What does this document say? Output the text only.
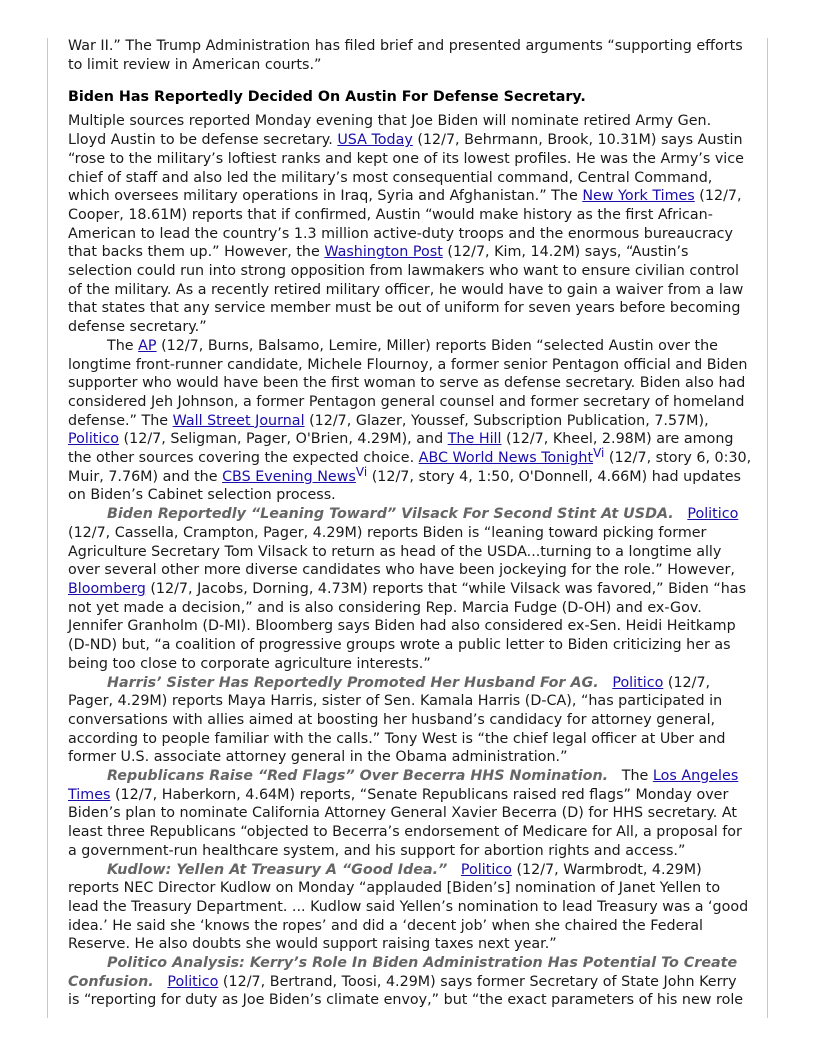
War II.” The Trump Administration has filed brief and presented arguments “supporting efforts to limit review in American courts.”

Biden Has Reportedly Decided On Austin For Defense Secretary.

Multiple sources reported Monday evening that Joe Biden will nominate retired Army Gen. Lloyd Austin to be defense secretary. USA Today (12/7, Behrmann, Brook, 10.31M) says Austin “rose to the military’s loftiest ranks and kept one of its lowest profiles. He was the Army’s vice chief of staff and also led the military’s most consequential command, Central Command, which oversees military operations in Iraq, Syria and Afghanistan.” The New York Times (12/7, Cooper, 18.61M) reports that if confirmed, Austin “would make history as the first African-American to lead the country’s 1.3 million active-duty troops and the enormous bureaucracy that backs them up.” However, the Washington Post (12/7, Kim, 14.2M) says, “Austin’s selection could run into strong opposition from lawmakers who want to ensure civilian control of the military. As a recently retired military officer, he would have to gain a waiver from a law that states that any service member must be out of uniform for seven years before becoming defense secretary.”

The AP (12/7, Burns, Balsamo, Lemire, Miller) reports Biden “selected Austin over the longtime front-runner candidate, Michele Flournoy, a former senior Pentagon official and Biden supporter who would have been the first woman to serve as defense secretary. Biden also had considered Jeh Johnson, a former Pentagon general counsel and former secretary of homeland defense.” The Wall Street Journal (12/7, Glazer, Youssef, Subscription Publication, 7.57M), Politico (12/7, Seligman, Pager, O'Brien, 4.29M), and The Hill (12/7, Kheel, 2.98M) are among the other sources covering the expected choice. ABC World News Tonight$^{Vi}$ (12/7, story 6, 0:30, Muir, 7.76M) and the CBS Evening News$^{Vi}$ (12/7, story 4, 1:50, O'Donnell, 4.66M) had updates on Biden’s Cabinet selection process.

Biden Reportedly “Leaning Toward” Vilsack For Second Stint At USDA. Politico (12/7, Cassella, Crampton, Pager, 4.29M) reports Biden is “leaning toward picking former Agriculture Secretary Tom Vilsack to return as head of the USDA...turning to a longtime ally over several other more diverse candidates who have been jockeying for the role.” However, Bloomberg (12/7, Jacobs, Dorning, 4.73M) reports that “while Vilsack was favored,” Biden “has not yet made a decision,” and is also considering Rep. Marcia Fudge (D-OH) and ex-Gov. Jennifer Granholm (D-MI). Bloomberg says Biden had also considered ex-Sen. Heidi Heitkamp (D-ND) but, “a coalition of progressive groups wrote a public letter to Biden criticizing her as being too close to corporate agriculture interests.”

Harris’ Sister Has Reportedly Promoted Her Husband For AG. Politico (12/7, Pager, 4.29M) reports Maya Harris, sister of Sen. Kamala Harris (D-CA), “has participated in conversations with allies aimed at boosting her husband’s candidacy for attorney general, according to people familiar with the calls.” Tony West is “the chief legal officer at Uber and former U.S. associate attorney general in the Obama administration.”

Republicans Raise “Red Flags” Over Becerra HHS Nomination. The Los Angeles Times (12/7, Haberkorn, 4.64M) reports, “Senate Republicans raised red flags” Monday over Biden’s plan to nominate California Attorney General Xavier Becerra (D) for HHS secretary. At least three Republicans “objected to Becerra’s endorsement of Medicare for All, a proposal for a government-run healthcare system, and his support for abortion rights and access.”

Kudlow: Yellen At Treasury A “Good Idea.” Politico (12/7, Warmbrodt, 4.29M) reports NEC Director Kudlow on Monday “applauded [Biden’s] nomination of Janet Yellen to lead the Treasury Department. ... Kudlow said Yellen’s nomination to lead Treasury was a ‘good idea.’ He said she ‘knows the ropes’ and did a ‘decent job’ when she chaired the Federal Reserve. He also doubts she would support raising taxes next year.”

Politico Analysis: Kerry’s Role In Biden Administration Has Potential To Create Confusion. Politico (12/7, Bertrand, Toosi, 4.29M) says former Secretary of State John Kerry is “reporting for duty as Joe Biden’s climate envoy,” but “the exact parameters of his new role
